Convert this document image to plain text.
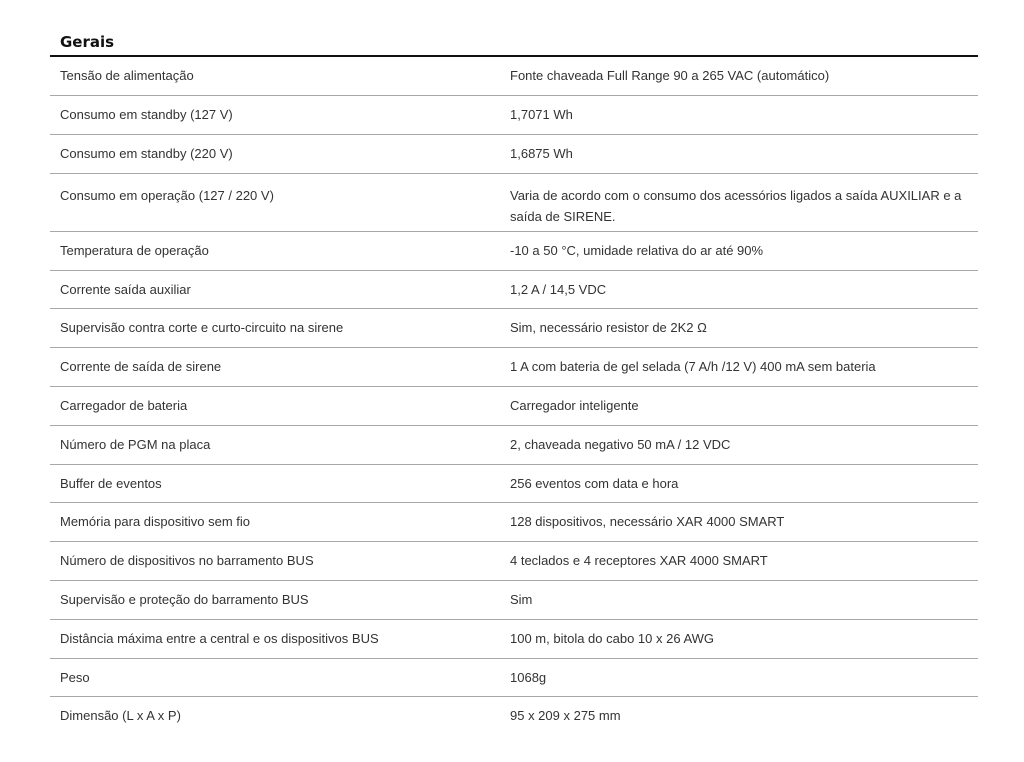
Gerais
Tensão de alimentação	Fonte chaveada Full Range 90 a 265 VAC (automático)
Consumo em standby (127 V)	1,7071 Wh
Consumo em standby (220 V)	1,6875 Wh
Consumo em operação (127 / 220 V)	Varia de acordo com o consumo dos acessórios ligados a saída AUXILIAR e a saída de SIRENE.
Temperatura de operação	-10 a 50 °C, umidade relativa do ar até 90%
Corrente saída auxiliar	1,2 A / 14,5 VDC
Supervisão contra corte e curto-circuito na sirene	Sim, necessário resistor de 2K2 Ω
Corrente de saída de sirene	1 A com bateria de gel selada (7 A/h /12 V) 400 mA sem bateria
Carregador de bateria	Carregador inteligente
Número de PGM na placa	2, chaveada negativo 50 mA / 12 VDC
Buffer de eventos	256 eventos com data e hora
Memória para dispositivo sem fio	128 dispositivos, necessário XAR 4000 SMART
Número de dispositivos no barramento BUS	4 teclados e 4 receptores XAR 4000 SMART
Supervisão e proteção do barramento BUS	Sim
Distância máxima entre a central e os dispositivos BUS	100 m, bitola do cabo 10 x 26 AWG
Peso	1068g
Dimensão (L x A x P)	95 x 209 x 275 mm
